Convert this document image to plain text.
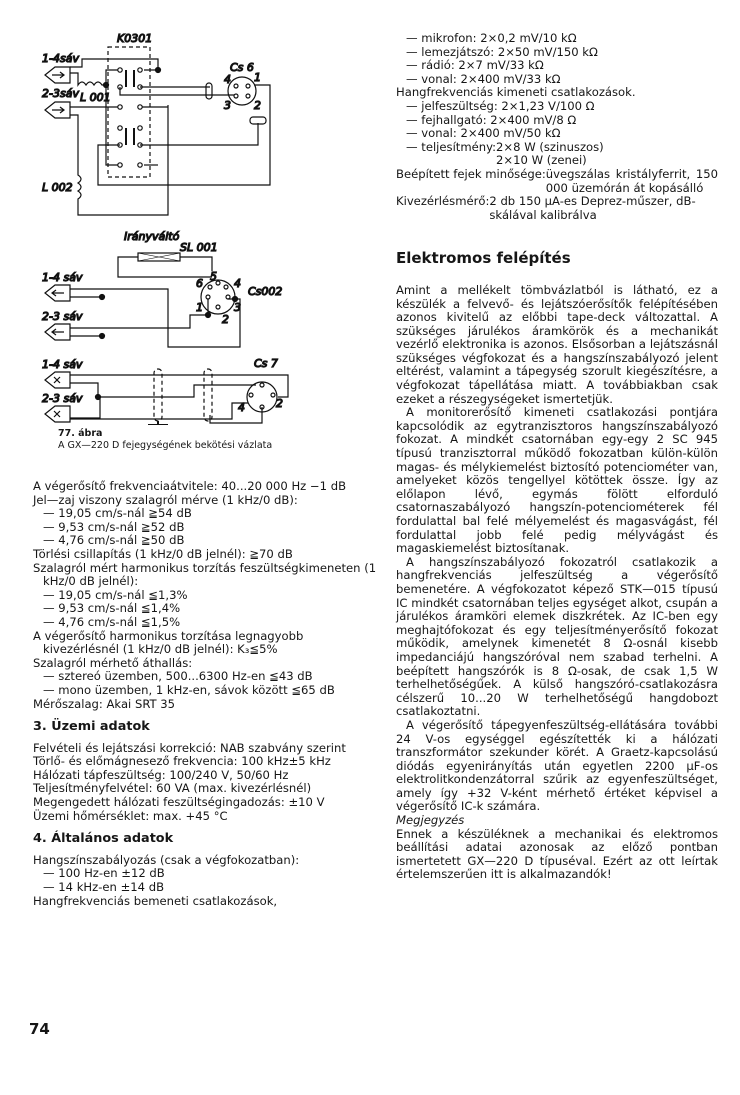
K0301
1-4sáv
2-3sáv L 001
L 002
Cs 6
4 1
3 2
Irányváltó
SL 001
5
6	4
1	3
2
Cs002
1-4 sáv
2-3 sáv
1-4 sáv
2-3 sáv
Cs 7
2
4
77. ábra
A GX—220 D fejegységének bekötési vázlata
A végerősítő frekvenciaátvitele: 40...20 000 Hz −1 dB
Jel—zaj viszony szalagról mérve (1 kHz/0 dB):
— 19,05 cm/s-nál ≧54 dB
— 9,53 cm/s-nál ≧52 dB
— 4,76 cm/s-nál ≧50 dB
Törlési csillapítás (1 kHz/0 dB jelnél): ≧70 dB
Szalagról mért harmonikus torzítás feszültségkimeneten (1 kHz/0 dB jelnél):
— 19,05 cm/s-nál ≦1,3%
— 9,53 cm/s-nál ≦1,4%
— 4,76 cm/s-nál ≦1,5%
A végerősítő harmonikus torzítása legnagyobb kivezérlésnél (1 kHz/0 dB jelnél): K₃≦5%
Szalagról mérhető áthallás:
— sztereó üzemben, 500...6300 Hz-en ≦43 dB
— mono üzemben, 1 kHz-en, sávok között ≦65 dB
Mérőszalag: Akai SRT 35
3. Üzemi adatok
Felvételi és lejátszási korrekció: NAB szabvány szerint
Törlő- és előmágnesező frekvencia: 100 kHz±5 kHz
Hálózati tápfeszültség: 100/240 V, 50/60 Hz
Teljesítményfelvétel: 60 VA (max. kivezérlésnél)
Megengedett hálózati feszültségingadozás: ±10 V
Üzemi hőmérséklet: max. +45 °C
4. Általános adatok
Hangszínszabályozás (csak a végfokozatban):
— 100 Hz-en ±12 dB
— 14 kHz-en ±14 dB
Hangfrekvenciás bemeneti csatlakozások,
— mikrofon: 2×0,2 mV/10 kΩ
— lemezjátszó: 2×50 mV/150 kΩ
— rádió: 2×7 mV/33 kΩ
— vonal: 2×400 mV/33 kΩ
Hangfrekvenciás kimeneti csatlakozások.
— jelfeszültség: 2×1,23 V/100 Ω
— fejhallgató: 2×400 mV/8 Ω
— vonal: 2×400 mV/50 kΩ
— teljesítmény: 2×8 W (szinuszos)
2×10 W (zenei)
Beépített fejek minősége: üvegszálas kristályferrit, 150 000 üzemórán át kopásálló
Kivezérlésmérő: 2 db 150 µA-es Deprez-műszer, dB-skálával kalibrálva
Elektromos felépítés

Amint a mellékelt tömbvázlatból is látható, ez a készülék a felvevő- és lejátszóerősítők felépítésében azonos kivitelű az előbbi tape-deck változattal. A szükséges járulékos áramkörök és a mechanikát vezérlő elektronika is azonos. Elsősorban a lejátszásnál szükséges végfokozat és a hangszínszabályozó jelent eltérést, valamint a tápegység szorult kiegészítésre, a végfokozat tápellátása miatt. A továbbiakban csak ezeket a részegységeket ismertetjük.

A monitorerősítő kimeneti csatlakozási pontjára kapcsolódik az egytranzisztoros hangszínszabályozó fokozat. A mindkét csatornában egy-egy 2 SC 945 típusú tranzisztorral működő fokozatban külön-külön magas- és mélykiemelést biztosító potenciométer van, amelyeket közös tengellyel kötöttek össze. Így az előlapon lévő, egymás fölött elforduló csatornaszabályozó hangszín-potenciométerek fél fordulattal bal felé mélyemelést és magasvágást, fél fordulattal jobb felé pedig mélyvágást és magaskiemelést biztosítanak.

A hangszínszabályozó fokozatról csatlakozik a hangfrekvenciás jelfeszültség a végerősítő bemenetére. A végfokozatot képező STK—015 típusú IC mindkét csatornában teljes egységet alkot, csupán a járulékos áramköri elemek diszkrétek. Az IC-ben egy meghajtófokozat és egy teljesítményerősítő fokozat működik, amelynek kimenetét 8 Ω-osnál kisebb impedanciájú hangszóróval nem szabad terhelni. A beépített hangszórók is 8 Ω-osak, de csak 1,5 W terhelhetőségűek. A külső hangszóró-csatlakozásra célszerű 10...20 W terhelhetőségű hangdobozt csatlakoztatni.

A végerősítő tápegyenfeszültség-ellátására további 24 V-os egységgel egészítették ki a hálózati transzformátor szekunder körét. A Graetz-kapcsolású diódás egyenirányítás után egyetlen 2200 µF-os elektrolitkondenzátorral szűrik az egyenfeszültséget, amely így +32 V-ként mérhető értéket képvisel a végerősítő IC-k számára.

Megjegyzés

Ennek a készüléknek a mechanikai és elektromos beállítási adatai azonosak az előző pontban ismertetett GX—220 D típuséval. Ezért az ott leírtak értelemszerűen itt is alkalmazandók!

74
